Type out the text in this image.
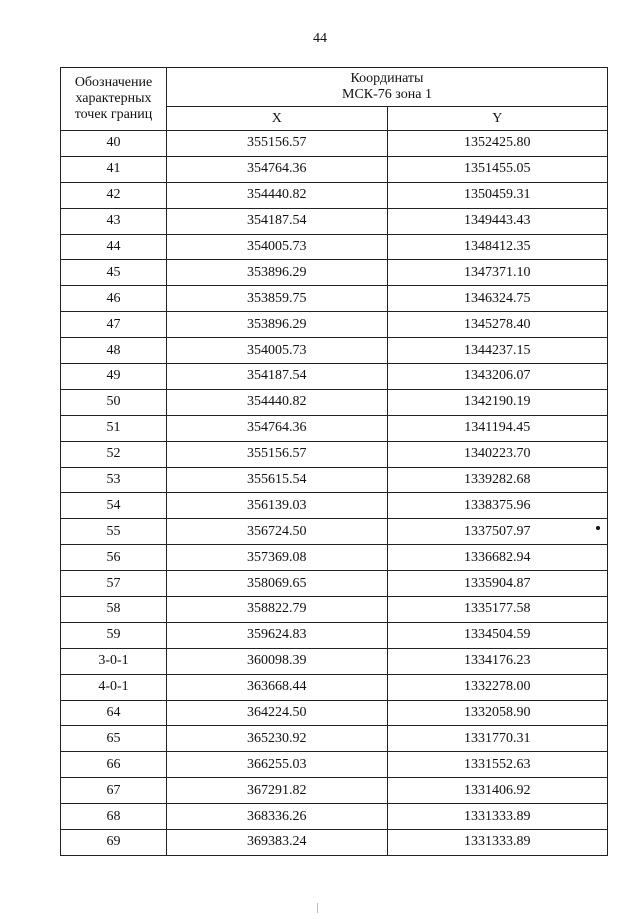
44
Обозначение характерных точек границ	Координаты
МСК-76 зона 1	

	X	Y
40	355156.57	1352425.80
41	354764.36	1351455.05
42	354440.82	1350459.31
43	354187.54	1349443.43
44	354005.73	1348412.35
45	353896.29	1347371.10
46	353859.75	1346324.75
47	353896.29	1345278.40
48	354005.73	1344237.15
49	354187.54	1343206.07
50	354440.82	1342190.19
51	354764.36	1341194.45
52	355156.57	1340223.70
53	355615.54	1339282.68
54	356139.03	1338375.96
55	356724.50	1337507.97
56	357369.08	1336682.94
57	358069.65	1335904.87
58	358822.79	1335177.58
59	359624.83	1334504.59
3-0-1	360098.39	1334176.23
4-0-1	363668.44	1332278.00
64	364224.50	1332058.90
65	365230.92	1331770.31
66	366255.03	1331552.63
67	367291.82	1331406.92
68	368336.26	1331333.89
69	369383.24	1331333.89
